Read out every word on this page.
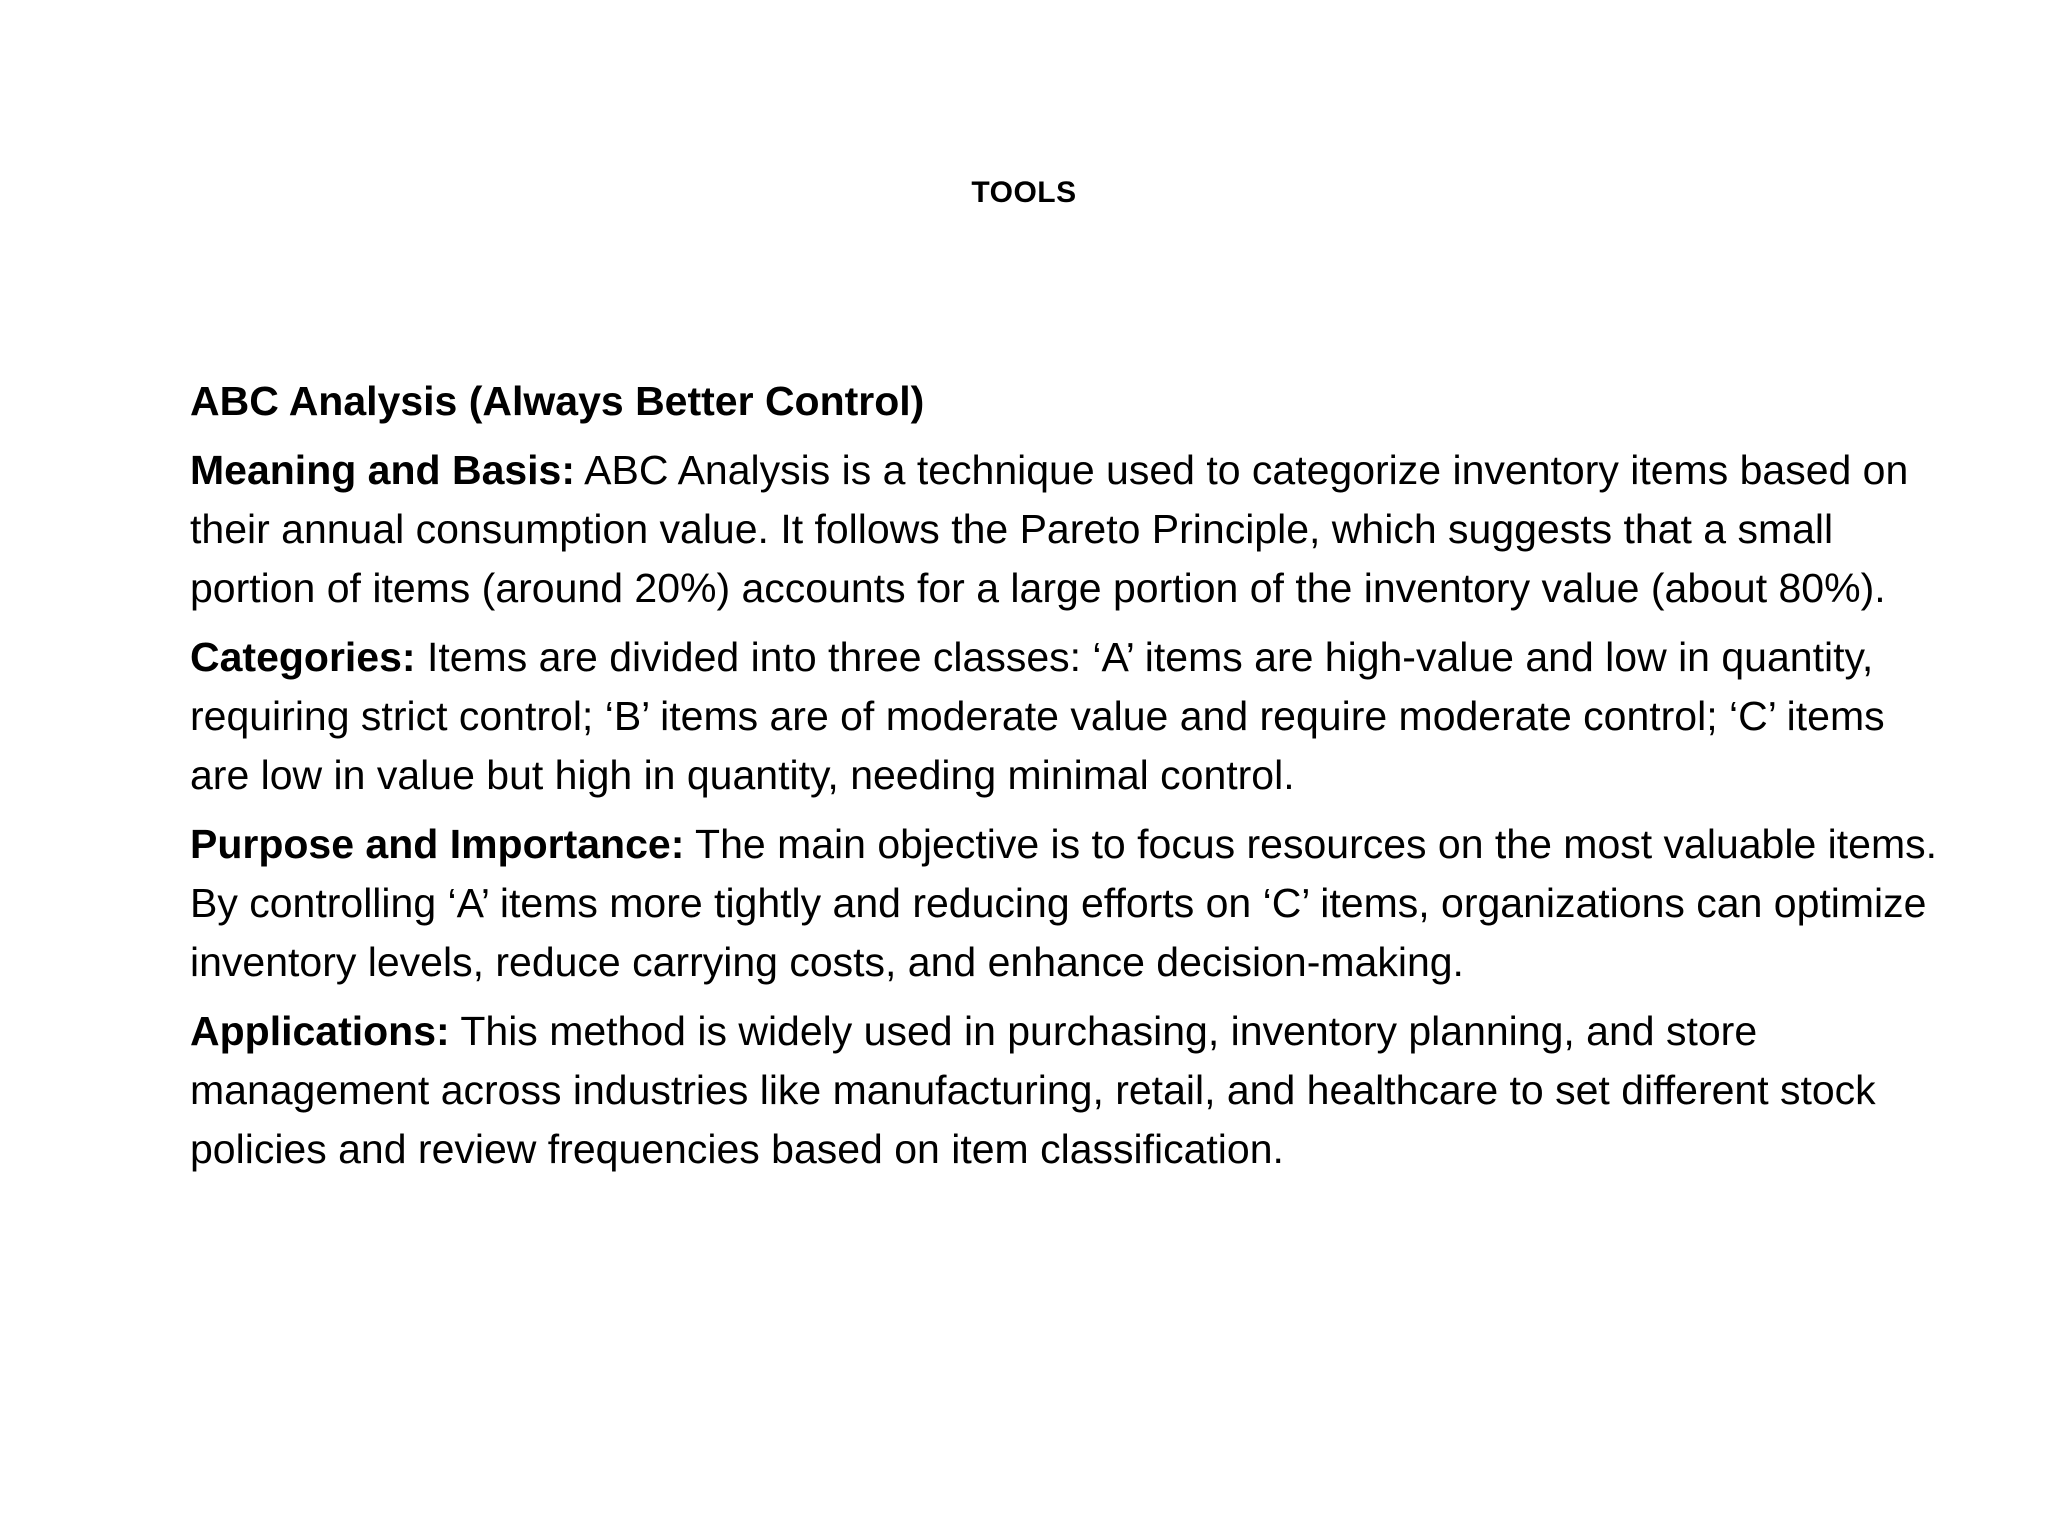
TOOLS

ABC Analysis (Always Better Control)

Meaning and Basis: ABC Analysis is a technique used to categorize inventory items based on their annual consumption value. It follows the Pareto Principle, which suggests that a small portion of items (around 20%) accounts for a large portion of the inventory value (about 80%).

Categories: Items are divided into three classes: ‘A’ items are high-value and low in quantity, requiring strict control; ‘B’ items are of moderate value and require moderate control; ‘C’ items are low in value but high in quantity, needing minimal control.

Purpose and Importance: The main objective is to focus resources on the most valuable items. By controlling ‘A’ items more tightly and reducing efforts on ‘C’ items, organizations can optimize inventory levels, reduce carrying costs, and enhance decision-making.

Applications: This method is widely used in purchasing, inventory planning, and store management across industries like manufacturing, retail, and healthcare to set different stock policies and review frequencies based on item classification.
